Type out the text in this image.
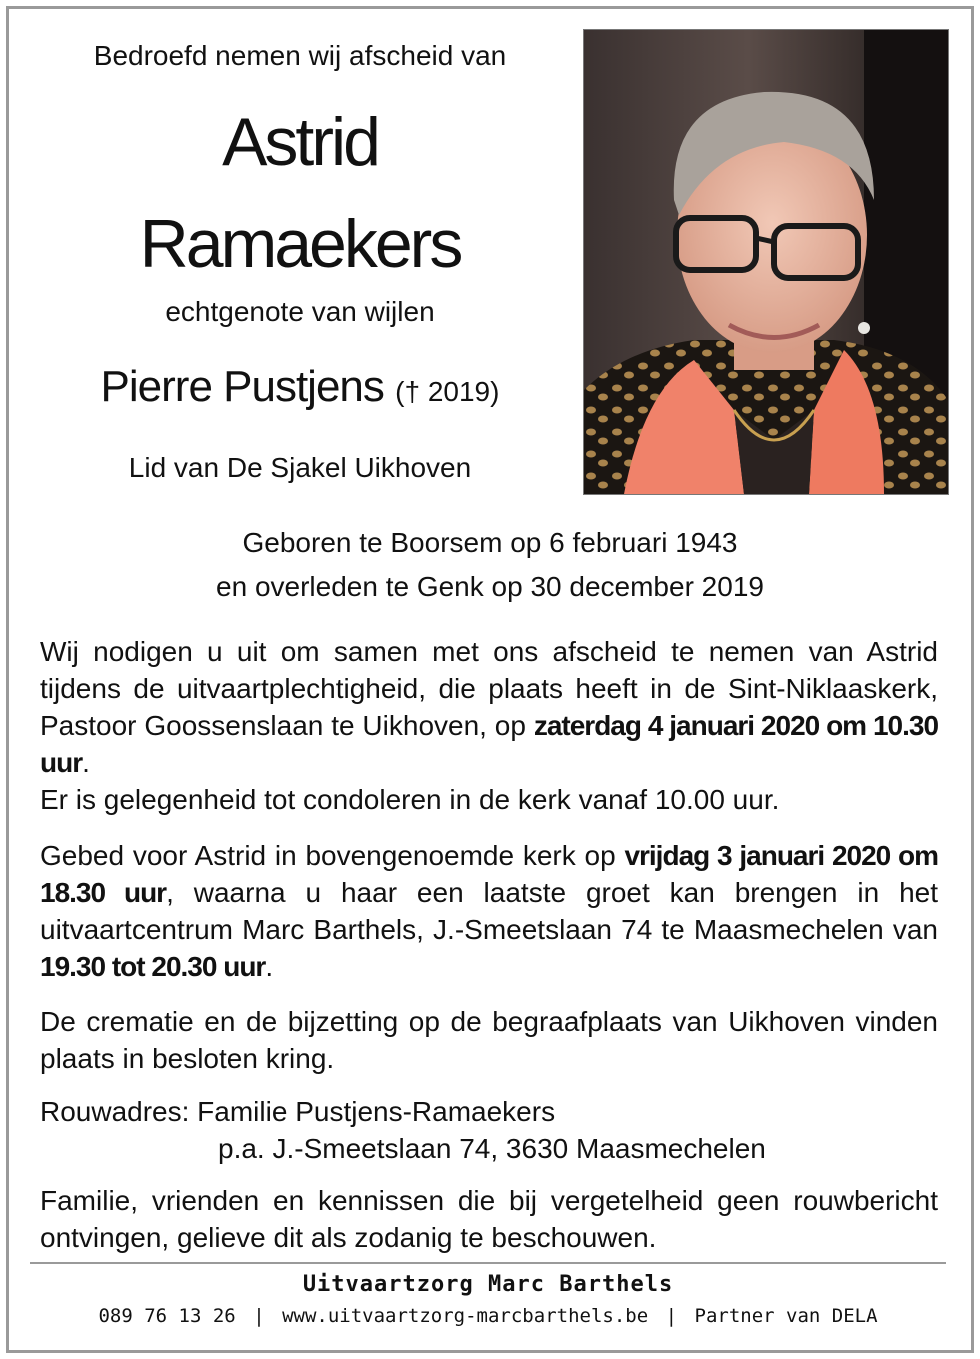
Bedroefd nemen wij afscheid van
Astrid
Ramaekers
echtgenote van wijlen
Pierre Pustjens († 2019)
Lid van De Sjakel Uikhoven
Geboren te Boorsem op 6 februari 1943
en overleden te Genk op 30 december 2019
Wij nodigen u uit om samen met ons afscheid te nemen van Astrid tijdens de uitvaartplechtigheid, die plaats heeft in de Sint-Niklaaskerk, Pastoor Goossenslaan te Uikhoven, op zaterdag 4 januari 2020 om 10.30 uur.
Er is gelegenheid tot condoleren in de kerk vanaf 10.00 uur.
Gebed voor Astrid in bovengenoemde kerk op vrijdag 3 januari 2020 om 18.30 uur, waarna u haar een laatste groet kan brengen in het uitvaartcentrum Marc Barthels, J.-Smeetslaan 74 te Maasmechelen van 19.30 tot 20.30 uur.
De crematie en de bijzetting op de begraafplaats van Uikhoven vinden plaats in besloten kring.
Rouwadres: Familie Pustjens-Ramaekers
p.a. J.-Smeetslaan 74, 3630 Maasmechelen
Familie, vrienden en kennissen die bij vergetelheid geen rouwbericht ontvingen, gelieve dit als zodanig te beschouwen.
Uitvaartzorg Marc Barthels
089 76 13 26 | www.uitvaartzorg-marcbarthels.be | Partner van DELA
